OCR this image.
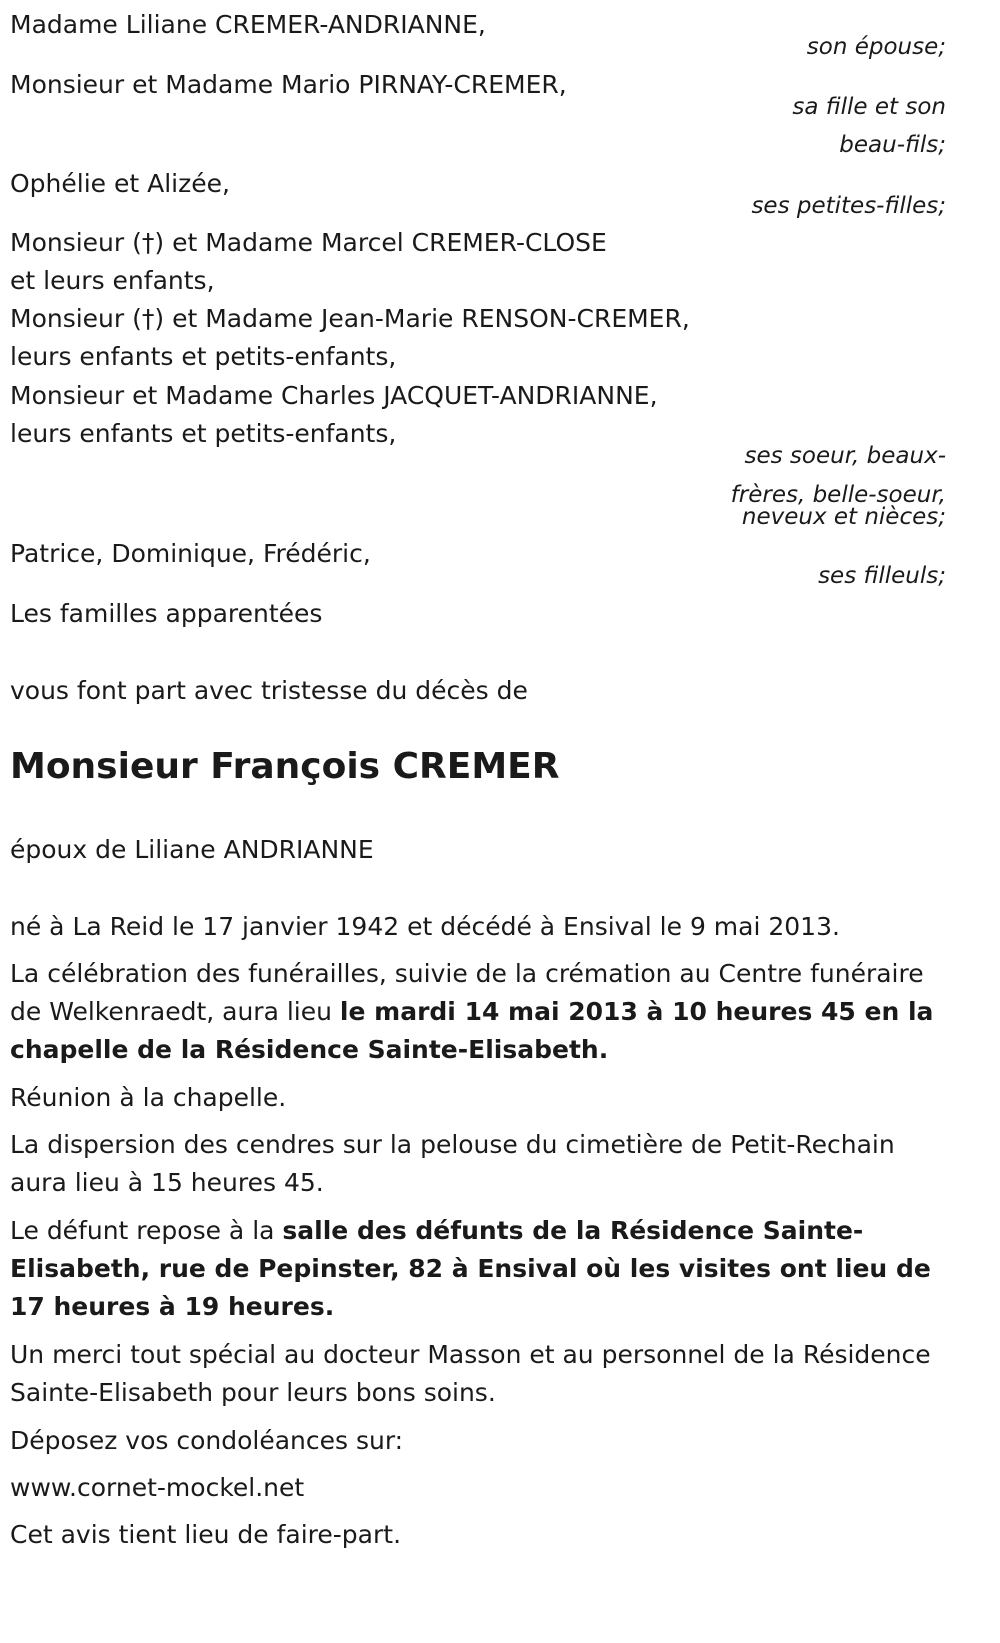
Madame Liliane CREMER-ANDRIANNE,
Monsieur et Madame Mario PIRNAY-CREMER,
Ophélie et Alizée,
Monsieur (†) et Madame Marcel CREMER-CLOSE
et leurs enfants,
Monsieur (†) et Madame Jean-Marie RENSON-CREMER,
leurs enfants et petits-enfants,
Monsieur et Madame Charles JACQUET-ANDRIANNE,
leurs enfants et petits-enfants,
Patrice, Dominique, Frédéric,
Les familles apparentées
son épouse;
sa fille et son
beau-fils;
ses petites-filles;
ses soeur, beaux-
frères, belle-soeur,
neveux et nièces;
ses filleuls;
vous font part avec tristesse du décès de
Monsieur François CREMER
époux de Liliane ANDRIANNE
né à La Reid le 17 janvier 1942 et décédé à Ensival le 9 mai 2013.
La célébration des funérailles, suivie de la crémation au Centre funéraire de Welkenraedt, aura lieu le mardi 14 mai 2013 à 10 heures 45 en la chapelle de la Résidence Sainte-Elisabeth.
Réunion à la chapelle.
La dispersion des cendres sur la pelouse du cimetière de Petit-Rechain aura lieu à 15 heures 45.
Le défunt repose à la salle des défunts de la Résidence Sainte-Elisabeth, rue de Pepinster, 82 à Ensival où les visites ont lieu de 17 heures à 19 heures.
Un merci tout spécial au docteur Masson et au personnel de la Résidence Sainte-Elisabeth pour leurs bons soins.
Déposez vos condoléances sur:
www.cornet-mockel.net
Cet avis tient lieu de faire-part.
